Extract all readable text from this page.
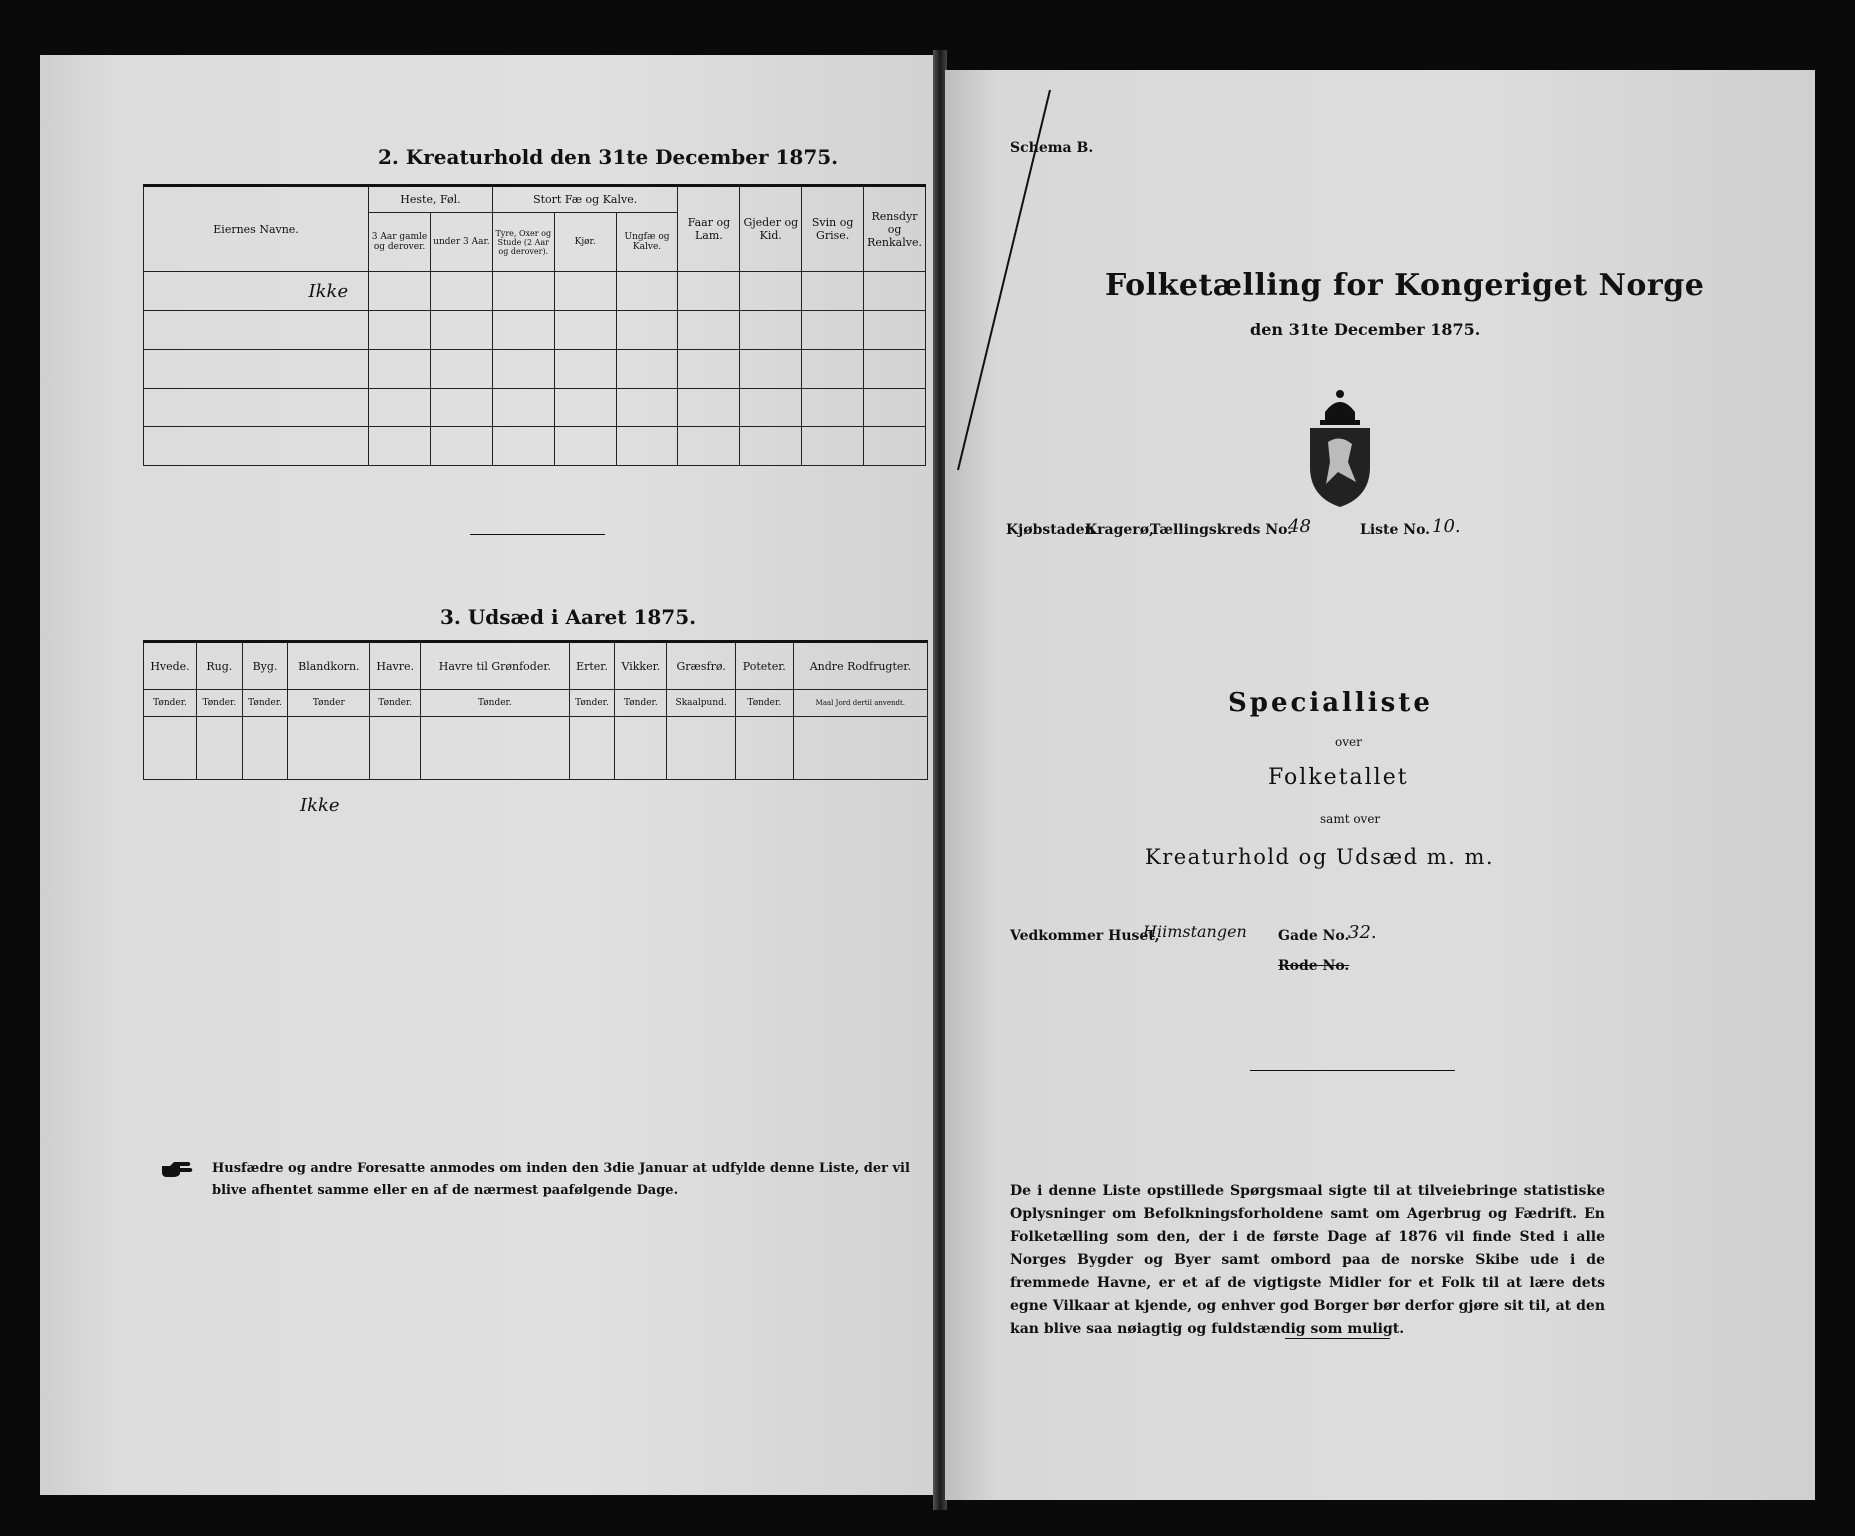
2. Kreaturhold den 31te December 1875.
Eiernes Navne.	Heste, Føl.		Stort Fæ og Kalve.			Faar og Lam.	Gjeder og Kid.	Svin og Grise.	Rensdyr og Renkalve.
	3 Aar gamle og derover.	under 3 Aar.	Tyre, Oxer og Stude (2 Aar og derover).	Kjør.	Ungfæ og Kalve.				
Ikke									

3. Udsæd i Aaret 1875.
Hvede.	Rug.	Byg.	Blandkorn.	Havre.	Havre til Grønfoder.	Erter.	Vikker.	Græsfrø.	Poteter.	Andre Rodfrugter.
Tønder.	Tønder.	Tønder.	Tønder	Tønder.	Tønder.	Tønder.	Tønder.	Skaalpund.	Tønder.	Maal Jord dertil anvendt.

Ikke
Husfædre og andre Foresatte anmodes om inden den 3die Januar at udfylde denne Liste, der vil blive afhentet samme eller en af de nærmest paafølgende Dage.
Schema B.
Folketælling for Kongeriget Norge
den 31te December 1875.
Kjøbstaden
Kragerø,
Tællingskreds No.
48	Liste No. 10.
Specialliste
over
Folketallet
samt over
Kreaturhold og Udsæd m. m.
Vedkommer Huset,
Hiimstangen Gade No.
32.
Rode No.
De i denne Liste opstillede Spørgsmaal sigte til at tilveiebringe statistiske Oplysninger om Befolkningsforholdene samt om Agerbrug og Fædrift. En Folketælling som den, der i de første Dage af 1876 vil finde Sted i alle Norges Bygder og Byer samt ombord paa de norske Skibe ude i de fremmede Havne, er et af de vigtigste Midler for et Folk til at lære dets egne Vilkaar at kjende, og enhver god Borger bør derfor gjøre sit til, at den kan blive saa nøiagtig og fuldstændig som muligt.
